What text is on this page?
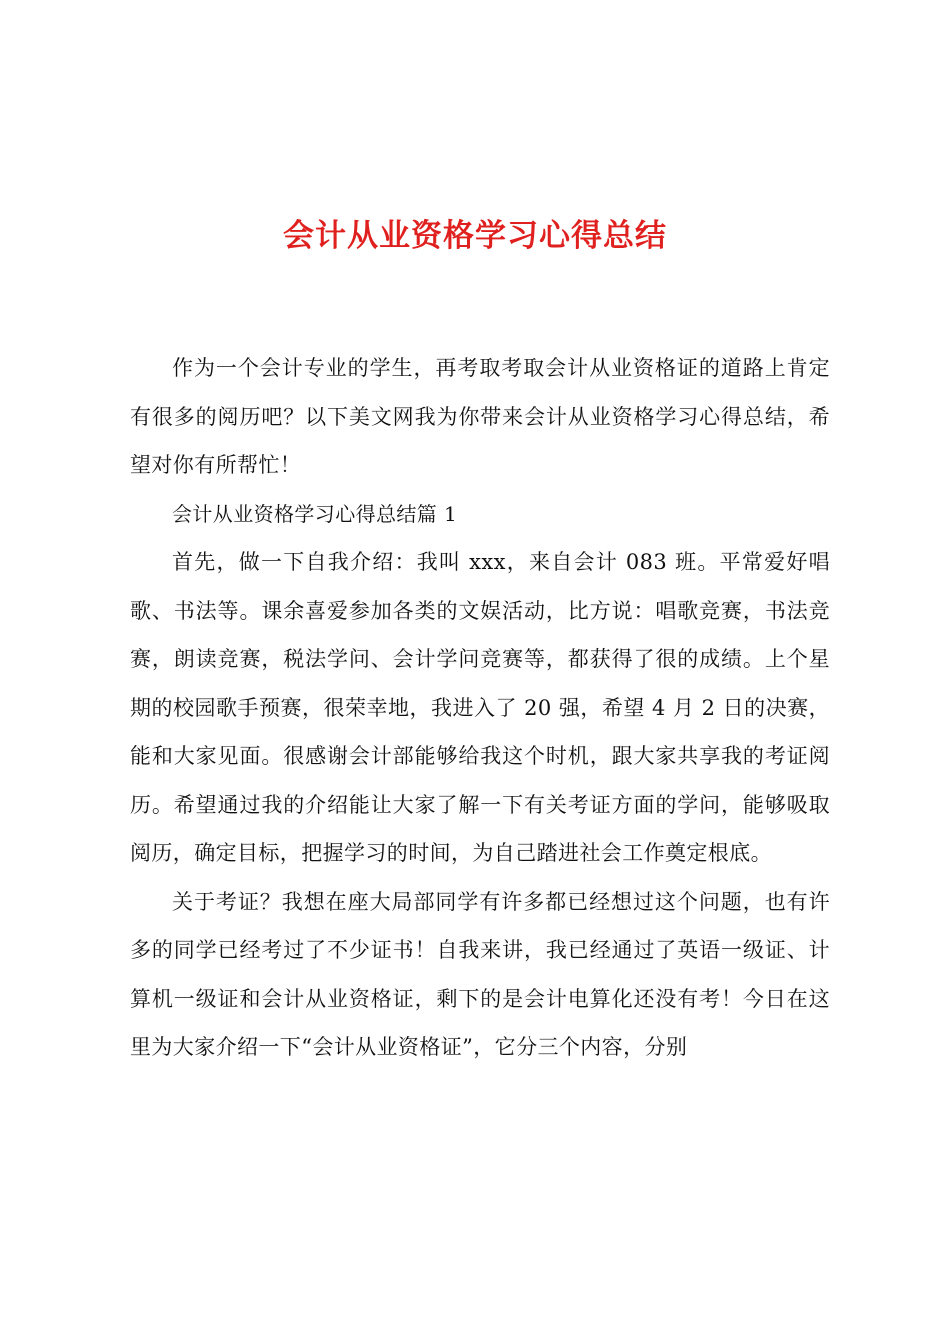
会计从业资格学习心得总结

作为一个会计专业的学生，再考取考取会计从业资格证的道路上肯定有很多的阅历吧？以下美文网我为你带来会计从业资格学习心得总结，希望对你有所帮忙！

会计从业资格学习心得总结篇 1

首先，做一下自我介绍：我叫 xxx，来自会计 083 班。平常爱好唱歌、书法等。课余喜爱参加各类的文娱活动，比方说：唱歌竞赛，书法竞赛，朗读竞赛，税法学问、会计学问竞赛等，都获得了很的成绩。上个星期的校园歌手预赛，很荣幸地，我进入了 20 强，希望 4 月 2 日的决赛，能和大家见面。很感谢会计部能够给我这个时机，跟大家共享我的考证阅历。希望通过我的介绍能让大家了解一下有关考证方面的学问，能够吸取阅历，确定目标，把握学习的时间，为自己踏进社会工作奠定根底。

关于考证？我想在座大局部同学有许多都已经想过这个问题，也有许多的同学已经考过了不少证书！自我来讲，我已经通过了英语一级证、计算机一级证和会计从业资格证，剩下的是会计电算化还没有考！今日在这里为大家介绍一下“会计从业资格证”，它分三个内容，分别
